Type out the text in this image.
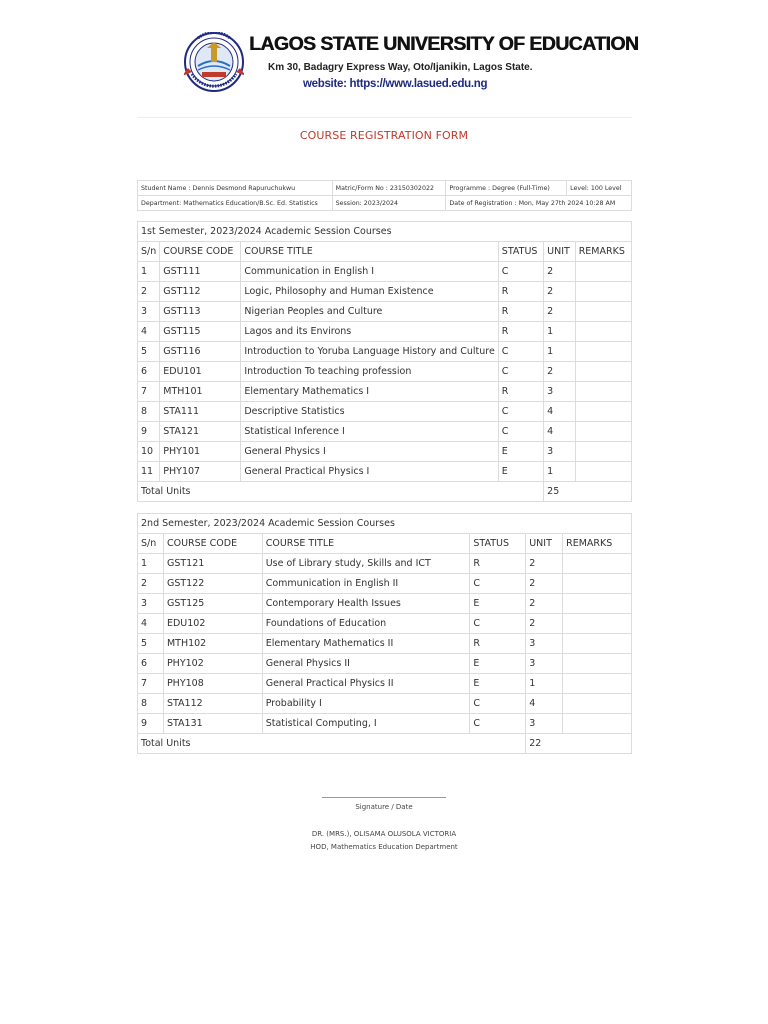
LAGOS STATE UNIVERSITY OF EDUCATION
Km 30, Badagry Express Way, Oto/Ijanikin, Lagos State.
website: https://www.lasued.edu.ng
COURSE REGISTRATION FORM
Student Name : Dennis Desmond Rapuruchukwu	Matric/Form No : 23150302022	Programme : Degree (Full-Time)	Level: 100 Level
Department: Mathematics Education/B.Sc. Ed. Statistics	Session: 2023/2024	Date of Registration : Mon, May 27th 2024 10:28 AM	
1st Semester, 2023/2024 Academic Session Courses					
S/n	COURSE CODE	COURSE TITLE	STATUS	UNIT	REMARKS
1	GST111	Communication in English I	C	2	
2	GST112	Logic, Philosophy and Human Existence	R	2	
3	GST113	Nigerian Peoples and Culture	R	2	
4	GST115	Lagos and its Environs	R	1	
5	GST116	Introduction to Yoruba Language History and Culture	C	1	
6	EDU101	Introduction To teaching profession	C	2	
7	MTH101	Elementary Mathematics I	R	3	
8	STA111	Descriptive Statistics	C	4	
9	STA121	Statistical Inference I	C	4	
10	PHY101	General Physics I	E	3	
11	PHY107	General Practical Physics I	E	1	
Total Units				25	
2nd Semester, 2023/2024 Academic Session Courses					
S/n	COURSE CODE	COURSE TITLE	STATUS	UNIT	REMARKS
1	GST121	Use of Library study, Skills and ICT	R	2	
2	GST122	Communication in English II	C	2	
3	GST125	Contemporary Health Issues	E	2	
4	EDU102	Foundations of Education	C	2	
5	MTH102	Elementary Mathematics II	R	3	
6	PHY102	General Physics II	E	3	
7	PHY108	General Practical Physics II	E	1	
8	STA112	Probability I	C	4	
9	STA131	Statistical Computing, I	C	3	
Total Units				22	
Signature / Date
DR. (MRS.), OLISAMA OLUSOLA VICTORIA
HOD, Mathematics Education Department
